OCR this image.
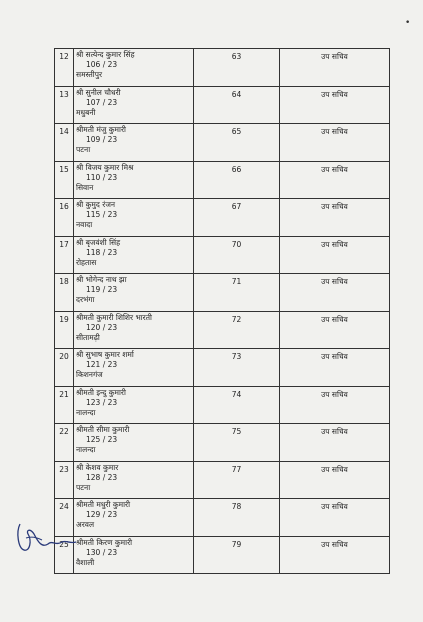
•
12	श्री सत्येन्द कुमार सिंह
106 / 23
समस्तीपुर	63	उप सचिव
13	श्री सुनील चौधरी
107 / 23
मधुबनी	64	उप सचिव
14	श्रीमती मंजु कुमारी
109 / 23
पटना	65	उप सचिव
15	श्री विजय कुमार मिश्र
110 / 23
सिवान	66	उप सचिव
16	श्री कुमुद रंजन
115 / 23
नवादा	67	उप सचिव
17	श्री बृजवंशी सिंह
118 / 23
रोहतास	70	उप सचिव
18	श्री भोगेन्द नाथ झा
119 / 23
दरभंगा	71	उप सचिव
19	श्रीमती कुमारी शिशिर भारती
120 / 23
सीतामढ़ी	72	उप सचिव
20	श्री सुभाष कुमार शर्मा
121 / 23
किशनगंज	73	उप सचिव
21	श्रीमती इन्दु कुमारी
123 / 23
नालन्दा	74	उप सचिव
22	श्रीमती सीमा कुमारी
125 / 23
नालन्दा	75	उप सचिव
23	श्री केशव कुमार
128 / 23
पटना	77	उप सचिव
24	श्रीमती मधुरी कुमारी
129 / 23
अरवल	78	उप सचिव
25	श्रीमती किरण कुमारी
130 / 23
वैशाली	79	उप सचिव
